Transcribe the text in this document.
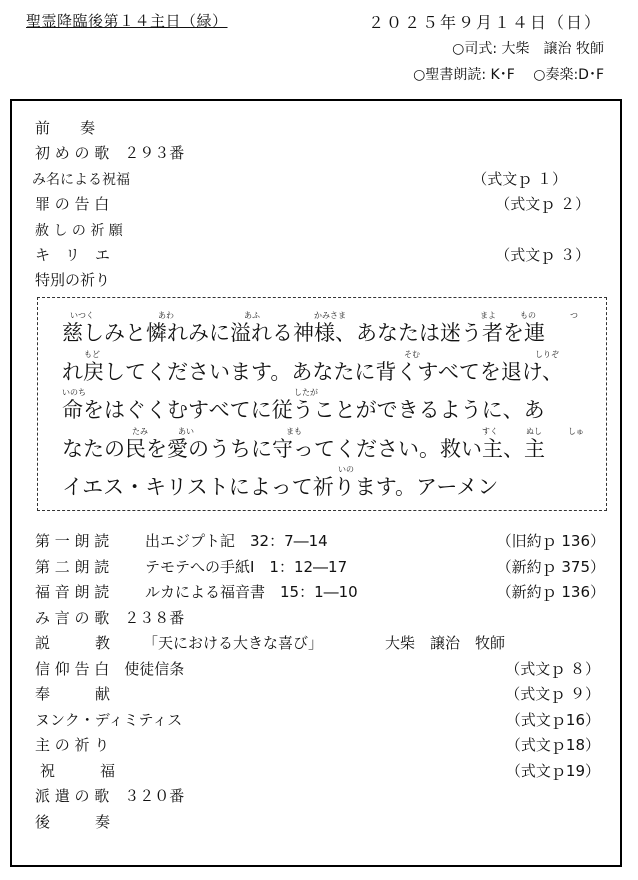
聖霊降臨後第１４主日（緑）	２０２５年９月１４日（日）
○司式: 大柴　譲治 牧師
○聖書朗読: K･F ○奏楽:D･F
前　　奏
初 め の 歌　２９３番
み名による祝福	（式文ｐ １）
罪 の 告 白	（式文ｐ ２）
赦 し の 祈 願
キ　リ　エ	（式文ｐ ３）
特別の祈り
いつく	あわ	あふ	かみさま	まよ	もの	つ
慈しみと憐れみに溢れる神様、あなたは迷う者を連
もど	そむ	しりぞ
れ戻してくださいます。あなたに背くすべてを退け、
いのち	したが
命をはぐくむすべてに従うことができるように、あ
たみ	あい	まも	すく	ぬし	しゅ
なたの民を愛のうちに守ってください。救い主、主
いの
イエス・キリストによって祈ります。アーメン
第 一 朗 読 出エジプト記　32：7―14	（旧約ｐ 136）
第 二 朗 読 テモテへの手紙Ⅰ　1：12―17	（新約ｐ 375）
福 音 朗 読 ルカによる福音書　15：1―10	（新約ｐ 136）
み 言 の 歌　２３８番
説　　　教 「天における大きな喜び」	大柴　譲治　牧師
信 仰 告 白　使徒信条	（式文ｐ ８）
奉　　　献	（式文ｐ ９）
ヌンク・ディミティス	（式文ｐ16）
主 の 祈 り	（式文ｐ18）
祝　　　福	（式文ｐ19）
派 遣 の 歌　３２０番
後　　　奏
